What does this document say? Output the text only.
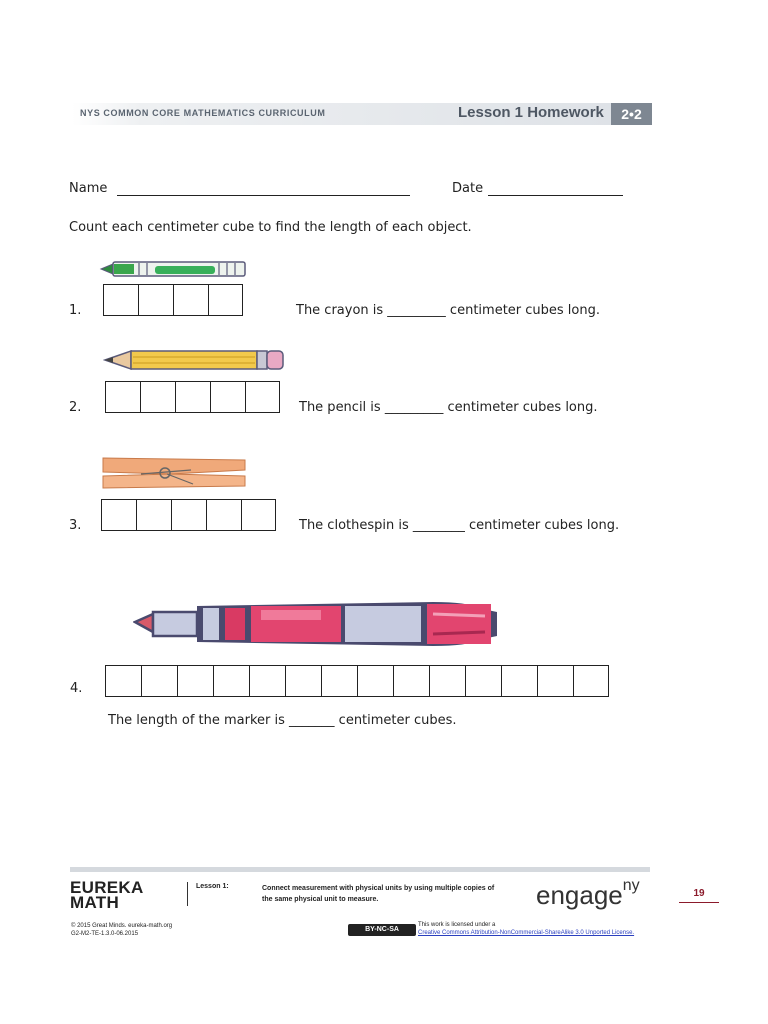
NYS COMMON CORE MATHEMATICS CURRICULUM	Lesson 1 Homework	2•2
Name	Date
Count each centimeter cube to find the length of each object.
1.	The crayon is _________ centimeter cubes long.
2.	The pencil is _________ centimeter cubes long.
3.	The clothespin is ________ centimeter cubes long.
4.
The length of the marker is _______ centimeter cubes.
EUREKA
MATH
Lesson 1:	Connect measurement with physical units by using multiple copies of
the same physical unit to measure.	engage$^{ny}$	19
© 2015 Great Minds. eureka-math.org
G2-M2-TE-1.3.0-06.2015
BY-NC-SA
This work is licensed under a
Creative Commons Attribution-NonCommercial-ShareAlike 3.0 Unported License.
